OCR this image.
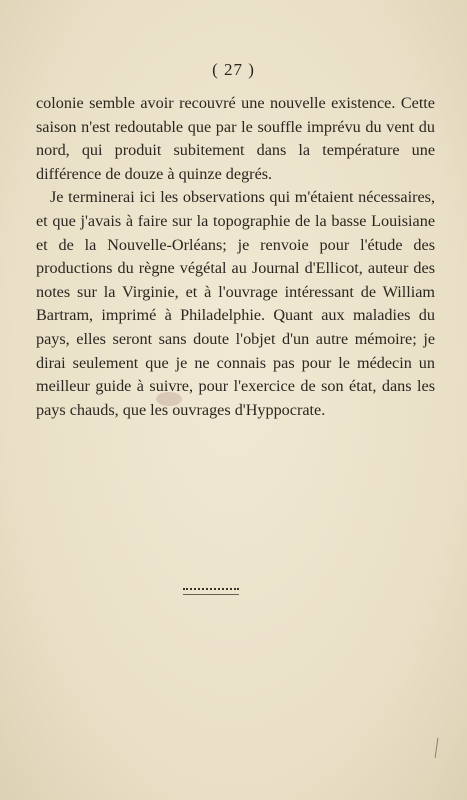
( 27 )

colonie semble avoir recouvré une nouvelle existence. Cette saison n'est redoutable que par le souffle imprévu du vent du nord, qui produit subitement dans la température une différence de douze à quinze degrés.

Je terminerai ici les observations qui m'étaient nécessaires, et que j'avais à faire sur la topographie de la basse Louisiane et de la Nouvelle-Orléans; je renvoie pour l'étude des productions du règne végétal au Journal d'Ellicot, auteur des notes sur la Virginie, et à l'ouvrage intéressant de William Bartram, imprimé à Philadelphie. Quant aux maladies du pays, elles seront sans doute l'objet d'un autre mémoire; je dirai seulement que je ne connais pas pour le médecin un meilleur guide à suivre, pour l'exercice de son état, dans les pays chauds, que les ouvrages d'Hyppocrate.
